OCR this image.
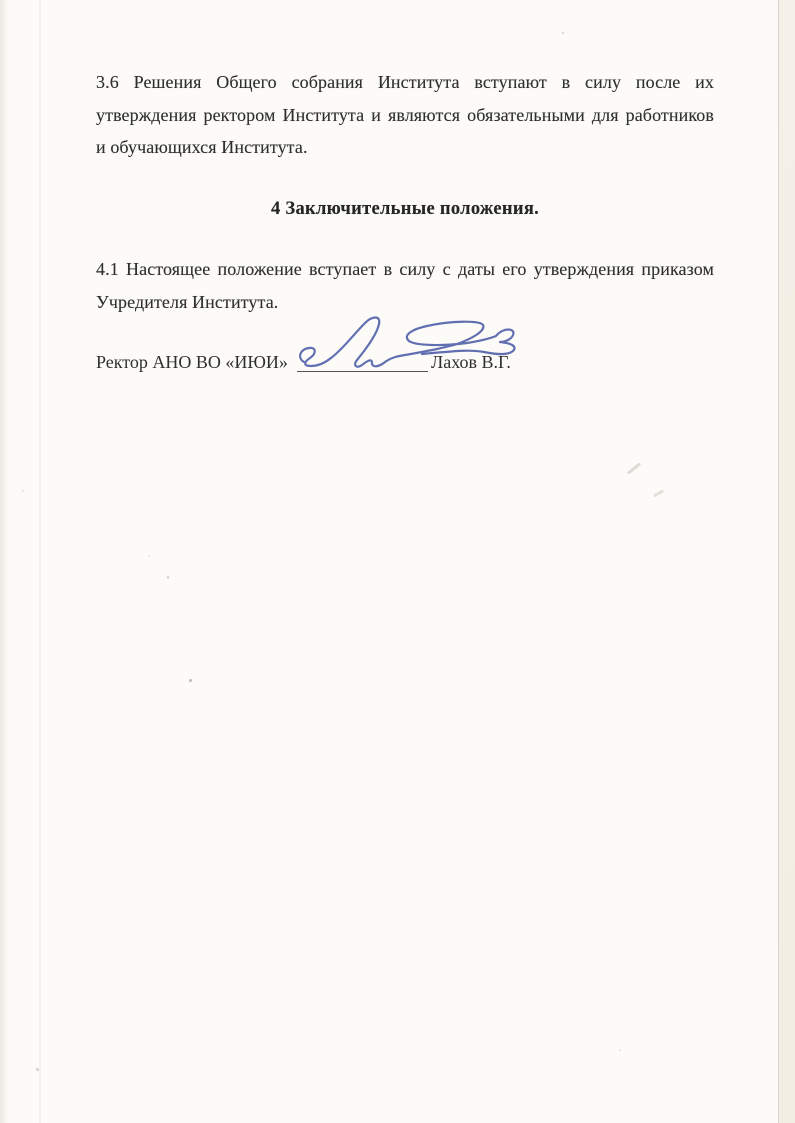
3.6 Решения Общего собрания Института вступают в силу после их
утверждения ректором Института и являются обязательными для работников
и обучающихся Института.
4 Заключительные положения.
4.1 Настоящее положение вступает в силу с даты его утверждения приказом
Учредителя Института.
Ректор АНО ВО «ИЮИ»	Лахов В.Г.
